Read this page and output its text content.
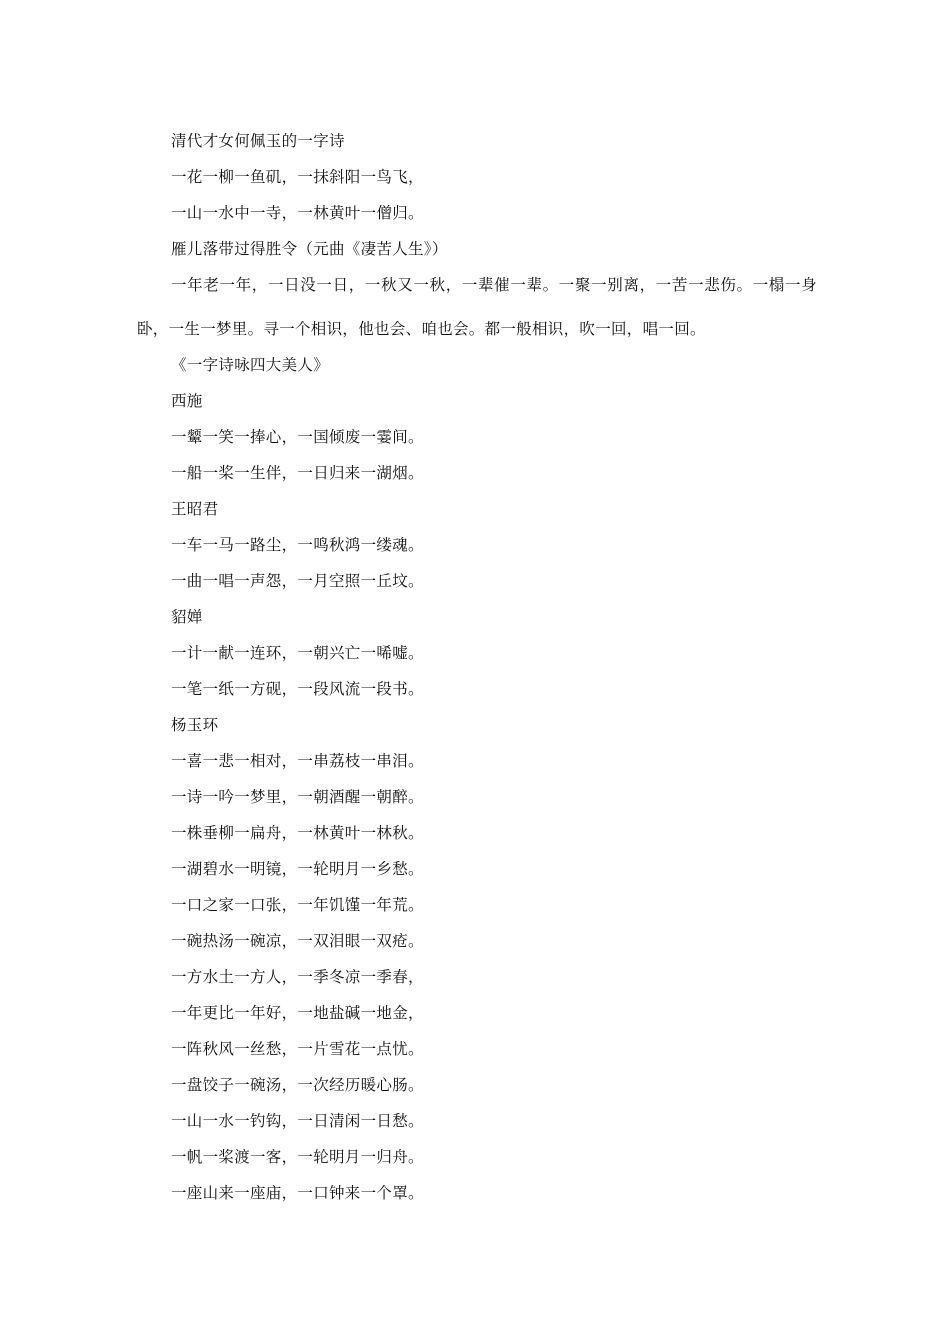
清代才女何佩玉的一字诗

一花一柳一鱼矶，一抹斜阳一鸟飞，

一山一水中一寺，一林黄叶一僧归。

雁儿落带过得胜令（元曲《凄苦人生》）

一年老一年，一日没一日，一秋又一秋，一辈催一辈。一聚一别离，一苦一悲伤。一榻一身卧，一生一梦里。寻一个相识，他也会、咱也会。都一般相识，吹一回，唱一回。

《一字诗咏四大美人》

西施

一颦一笑一捧心，一国倾废一霎间。

一船一桨一生伴，一日归来一湖烟。

王昭君

一车一马一路尘，一鸣秋鸿一缕魂。

一曲一唱一声怨，一月空照一丘坟。

貂婵

一计一献一连环，一朝兴亡一唏嘘。

一笔一纸一方砚，一段风流一段书。

杨玉环

一喜一悲一相对，一串荔枝一串泪。

一诗一吟一梦里，一朝酒醒一朝醉。

一株垂柳一扁舟，一林黄叶一林秋。

一湖碧水一明镜，一轮明月一乡愁。

一口之家一口张，一年饥馑一年荒。

一碗热汤一碗凉，一双泪眼一双疮。

一方水土一方人，一季冬凉一季春，

一年更比一年好，一地盐碱一地金，

一阵秋风一丝愁，一片雪花一点忧。

一盘饺子一碗汤，一次经历暖心肠。

一山一水一钓钩，一日清闲一日愁。

一帆一桨渡一客，一轮明月一归舟。

一座山来一座庙，一口钟来一个罩。
